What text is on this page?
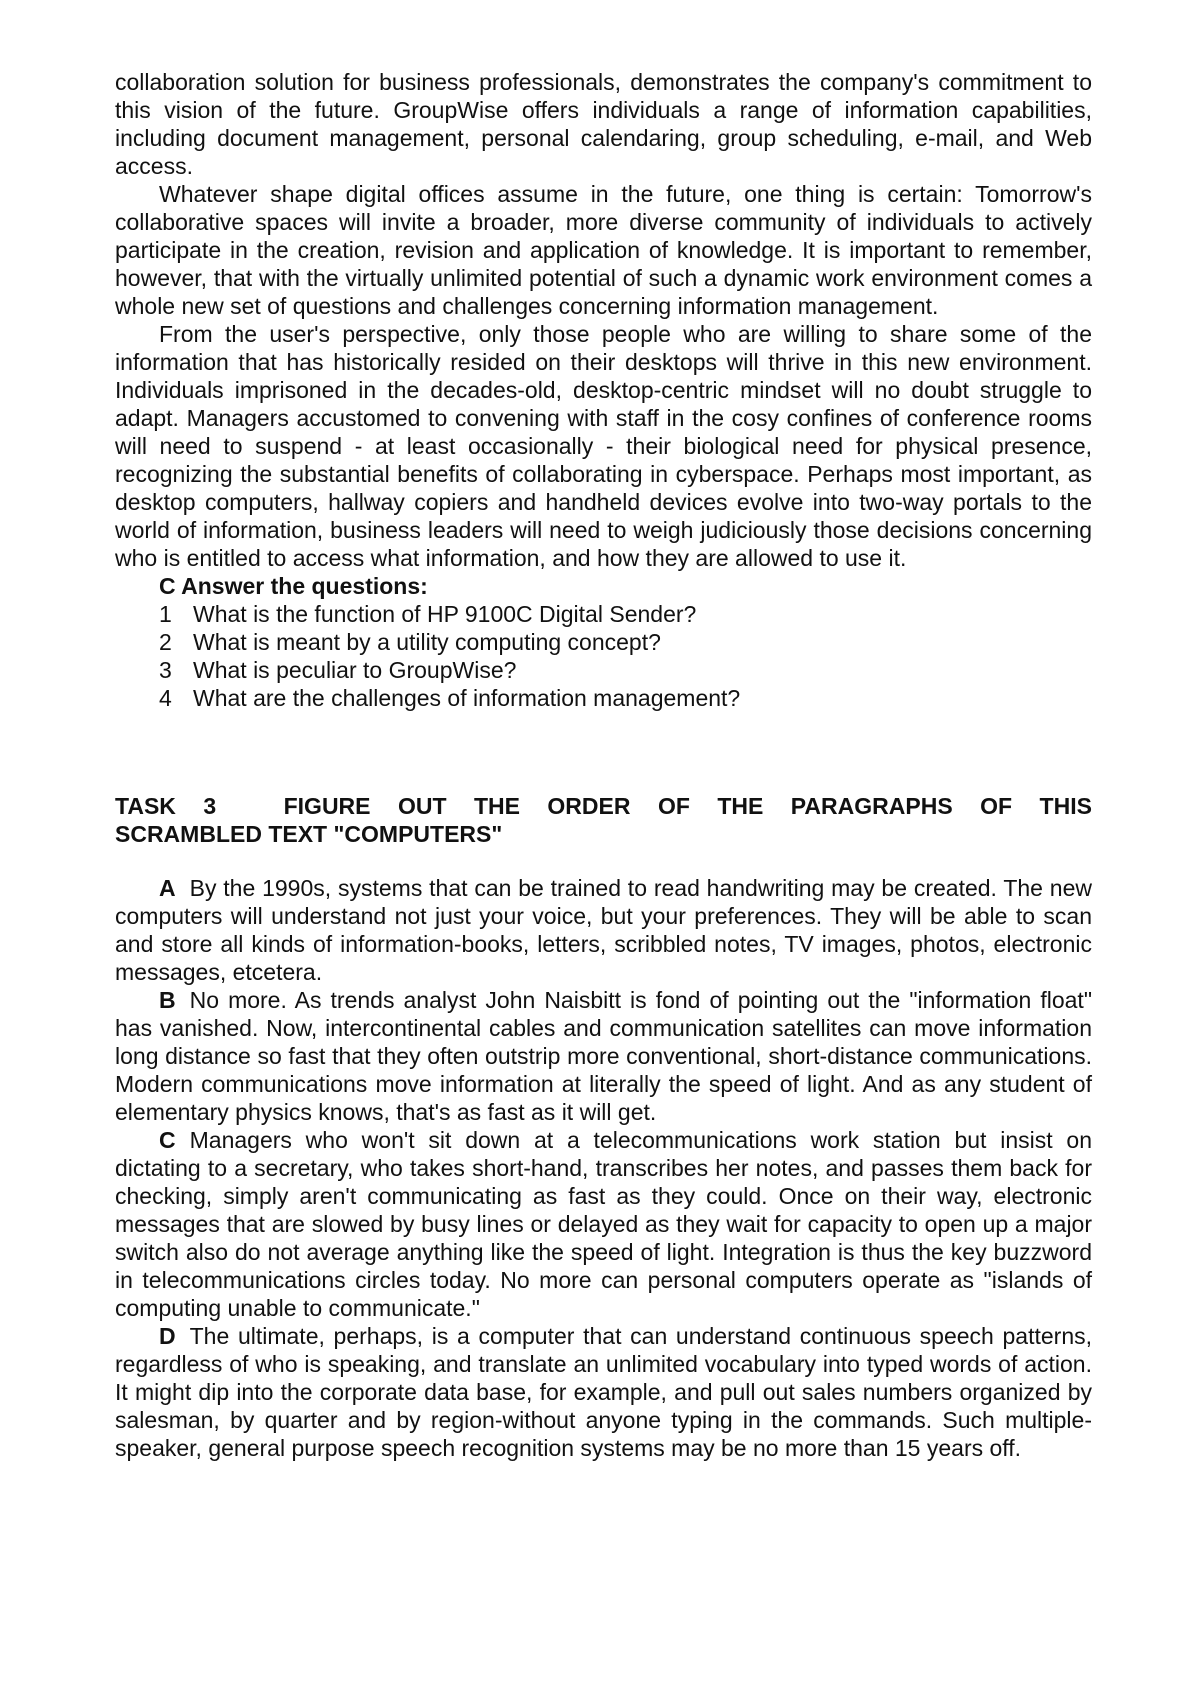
collaboration solution for business professionals, demonstrates the company's commitment to this vision of the future. GroupWise offers individuals a range of information capabilities, including document management, personal calendaring, group scheduling, e-mail, and Web access.

Whatever shape digital offices assume in the future, one thing is certain: Tomorrow's collaborative spaces will invite a broader, more diverse community of individuals to actively participate in the creation, revision and application of knowledge. It is important to remember, however, that with the virtually unlimited potential of such a dynamic work environment comes a whole new set of questions and challenges concerning information management.

From the user's perspective, only those people who are willing to share some of the information that has historically resided on their desktops will thrive in this new environment. Individuals imprisoned in the decades-old, desktop-centric mindset will no doubt struggle to adapt. Managers accustomed to convening with staff in the cosy confines of conference rooms will need to suspend - at least occasionally - their biological need for physical presence, recognizing the substantial benefits of collaborating in cyberspace. Perhaps most important, as desktop computers, hallway copiers and handheld devices evolve into two-way portals to the world of information, business leaders will need to weigh judiciously those decisions concerning who is entitled to access what information, and how they are allowed to use it.

C Answer the questions:
1 What is the function of HP 9100C Digital Sender?
2 What is meant by a utility computing concept?
3 What is peculiar to GroupWise?
4 What are the challenges of information management?
TASK 3	FIGURE OUT THE ORDER OF THE PARAGRAPHS OF THIS
SCRAMBLED TEXT "COMPUTERS"

A By the 1990s, systems that can be trained to read handwriting may be created. The new computers will understand not just your voice, but your preferences. They will be able to scan and store all kinds of information-books, letters, scribbled notes, TV images, photos, electronic messages, etcetera.

B No more. As trends analyst John Naisbitt is fond of pointing out the "information float" has vanished. Now, intercontinental cables and communication satellites can move information long distance so fast that they often outstrip more conventional, short-distance communications. Modern communications move information at literally the speed of light. And as any student of elementary physics knows, that's as fast as it will get.

C Managers who won't sit down at a telecommunications work station but insist on dictating to a secretary, who takes short-hand, transcribes her notes, and passes them back for checking, simply aren't communicating as fast as they could. Once on their way, electronic messages that are slowed by busy lines or delayed as they wait for capacity to open up a major switch also do not average anything like the speed of light. Integration is thus the key buzzword in telecommunications circles today. No more can personal computers operate as "islands of computing unable to communicate."

D The ultimate, perhaps, is a computer that can understand continuous speech patterns, regardless of who is speaking, and translate an unlimited vocabulary into typed words of action. It might dip into the corporate data base, for example, and pull out sales numbers organized by salesman, by quarter and by region-without anyone typing in the commands. Such multiple-speaker, general purpose speech recognition systems may be no more than 15 years off.
